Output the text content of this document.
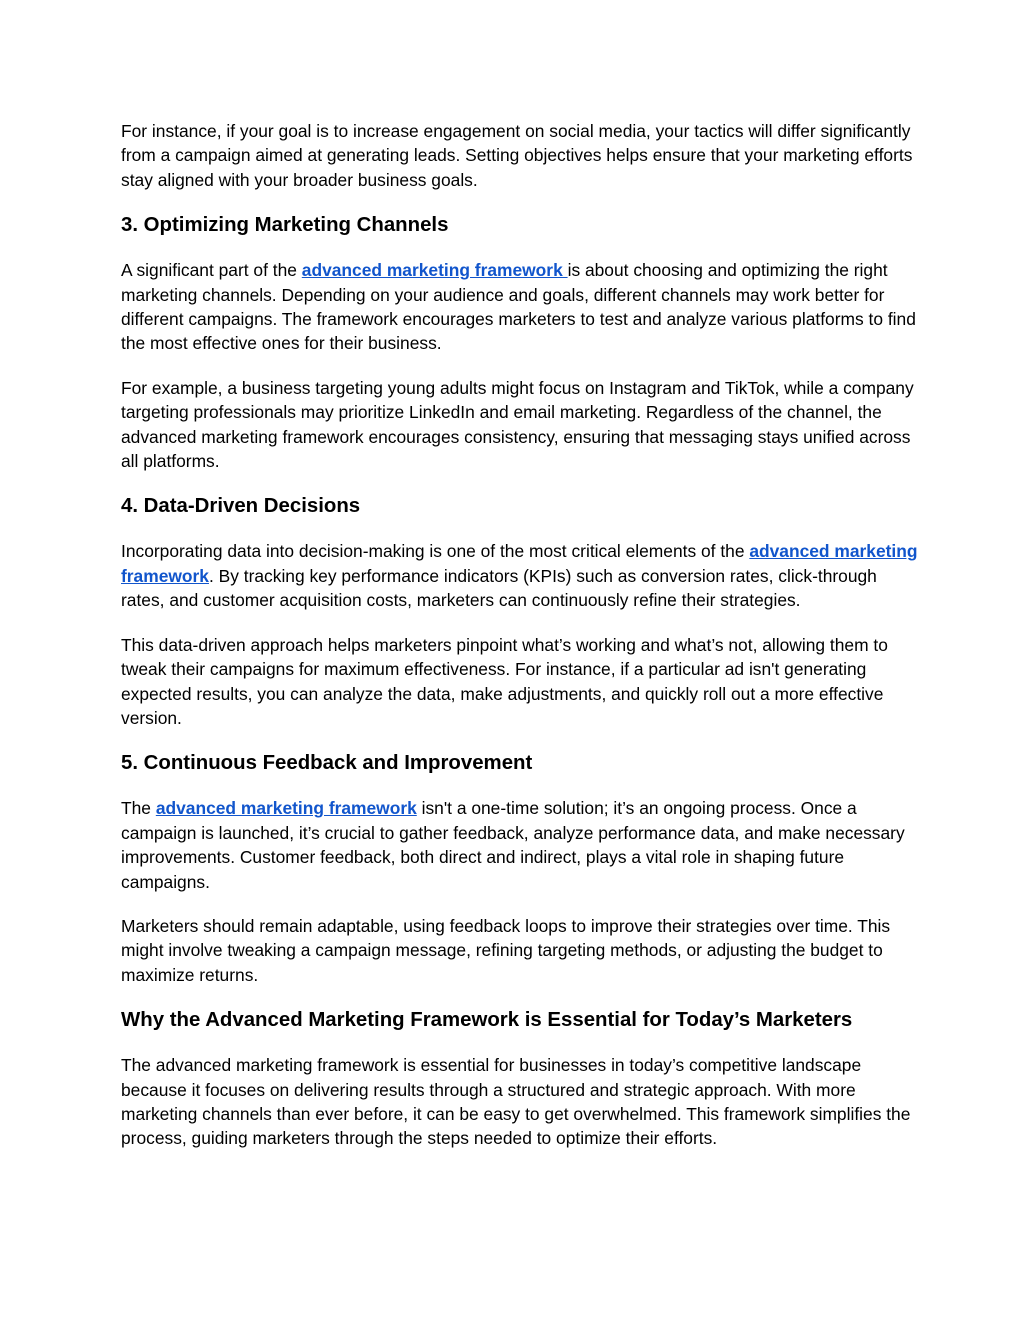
For instance, if your goal is to increase engagement on social media, your tactics will differ significantly from a campaign aimed at generating leads. Setting objectives helps ensure that your marketing efforts stay aligned with your broader business goals.

3. Optimizing Marketing Channels

A significant part of the advanced marketing framework is about choosing and optimizing the right marketing channels. Depending on your audience and goals, different channels may work better for different campaigns. The framework encourages marketers to test and analyze various platforms to find the most effective ones for their business.

For example, a business targeting young adults might focus on Instagram and TikTok, while a company targeting professionals may prioritize LinkedIn and email marketing. Regardless of the channel, the advanced marketing framework encourages consistency, ensuring that messaging stays unified across all platforms.

4. Data-Driven Decisions

Incorporating data into decision-making is one of the most critical elements of the advanced marketing framework. By tracking key performance indicators (KPIs) such as conversion rates, click-through rates, and customer acquisition costs, marketers can continuously refine their strategies.

This data-driven approach helps marketers pinpoint what’s working and what’s not, allowing them to tweak their campaigns for maximum effectiveness. For instance, if a particular ad isn't generating expected results, you can analyze the data, make adjustments, and quickly roll out a more effective version.

5. Continuous Feedback and Improvement

The advanced marketing framework isn't a one-time solution; it’s an ongoing process. Once a campaign is launched, it’s crucial to gather feedback, analyze performance data, and make necessary improvements. Customer feedback, both direct and indirect, plays a vital role in shaping future campaigns.

Marketers should remain adaptable, using feedback loops to improve their strategies over time. This might involve tweaking a campaign message, refining targeting methods, or adjusting the budget to maximize returns.

Why the Advanced Marketing Framework is Essential for Today’s Marketers

The advanced marketing framework is essential for businesses in today’s competitive landscape because it focuses on delivering results through a structured and strategic approach. With more marketing channels than ever before, it can be easy to get overwhelmed. This framework simplifies the process, guiding marketers through the steps needed to optimize their efforts.
